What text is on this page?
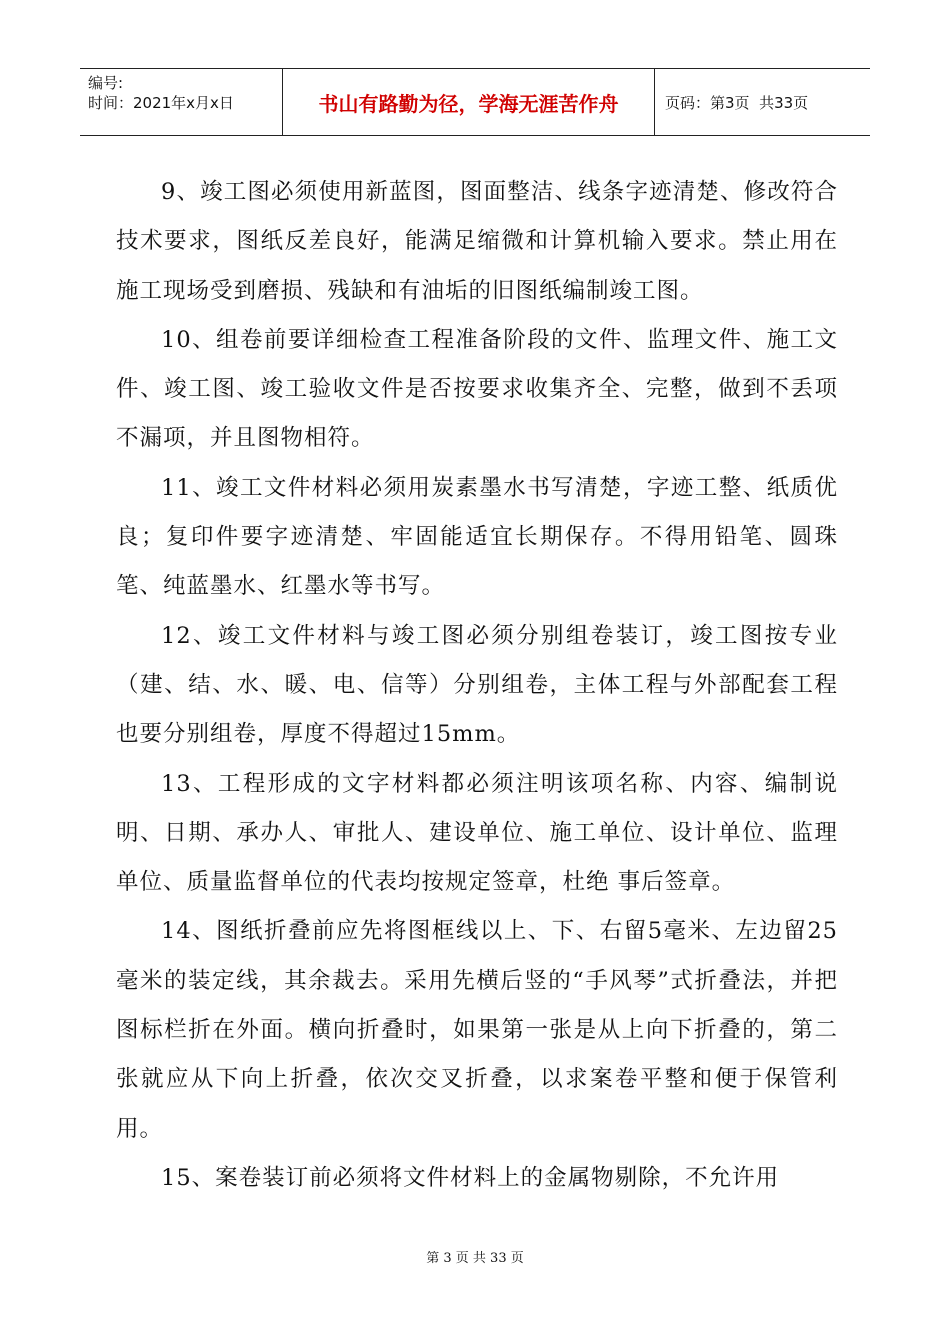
编号:
时间：2021年x月x日	书山有路勤为径，学海无涯苦作舟	页码：第3页  共33页

9、竣工图必须使用新蓝图，图面整洁、线条字迹清楚、修改符合技术要求，图纸反差良好，能满足缩微和计算机输入要求。禁止用在施工现场受到磨损、残缺和有油垢的旧图纸编制竣工图。

10、组卷前要详细检查工程准备阶段的文件、监理文件、施工文件、竣工图、竣工验收文件是否按要求收集齐全、完整，做到不丢项不漏项，并且图物相符。

11、竣工文件材料必须用炭素墨水书写清楚，字迹工整、纸质优良；复印件要字迹清楚、牢固能适宜长期保存。不得用铅笔、圆珠笔、纯蓝墨水、红墨水等书写。

12、竣工文件材料与竣工图必须分别组卷装订，竣工图按专业（建、结、水、暖、电、信等）分别组卷，主体工程与外部配套工程也要分别组卷，厚度不得超过15mm。

13、工程形成的文字材料都必须注明该项名称、内容、编制说明、日期、承办人、审批人、建设单位、施工单位、设计单位、监理单位、质量监督单位的代表均按规定签章，杜绝 事后签章。

14、图纸折叠前应先将图框线以上、下、右留5毫米、左边留25毫米的装定线，其余裁去。采用先横后竖的“手风琴”式折叠法，并把图标栏折在外面。横向折叠时，如果第一张是从上向下折叠的，第二张就应从下向上折叠，依次交叉折叠，以求案卷平整和便于保管利用。

15、案卷装订前必须将文件材料上的金属物剔除，不允许用

第 3 页 共 33 页
